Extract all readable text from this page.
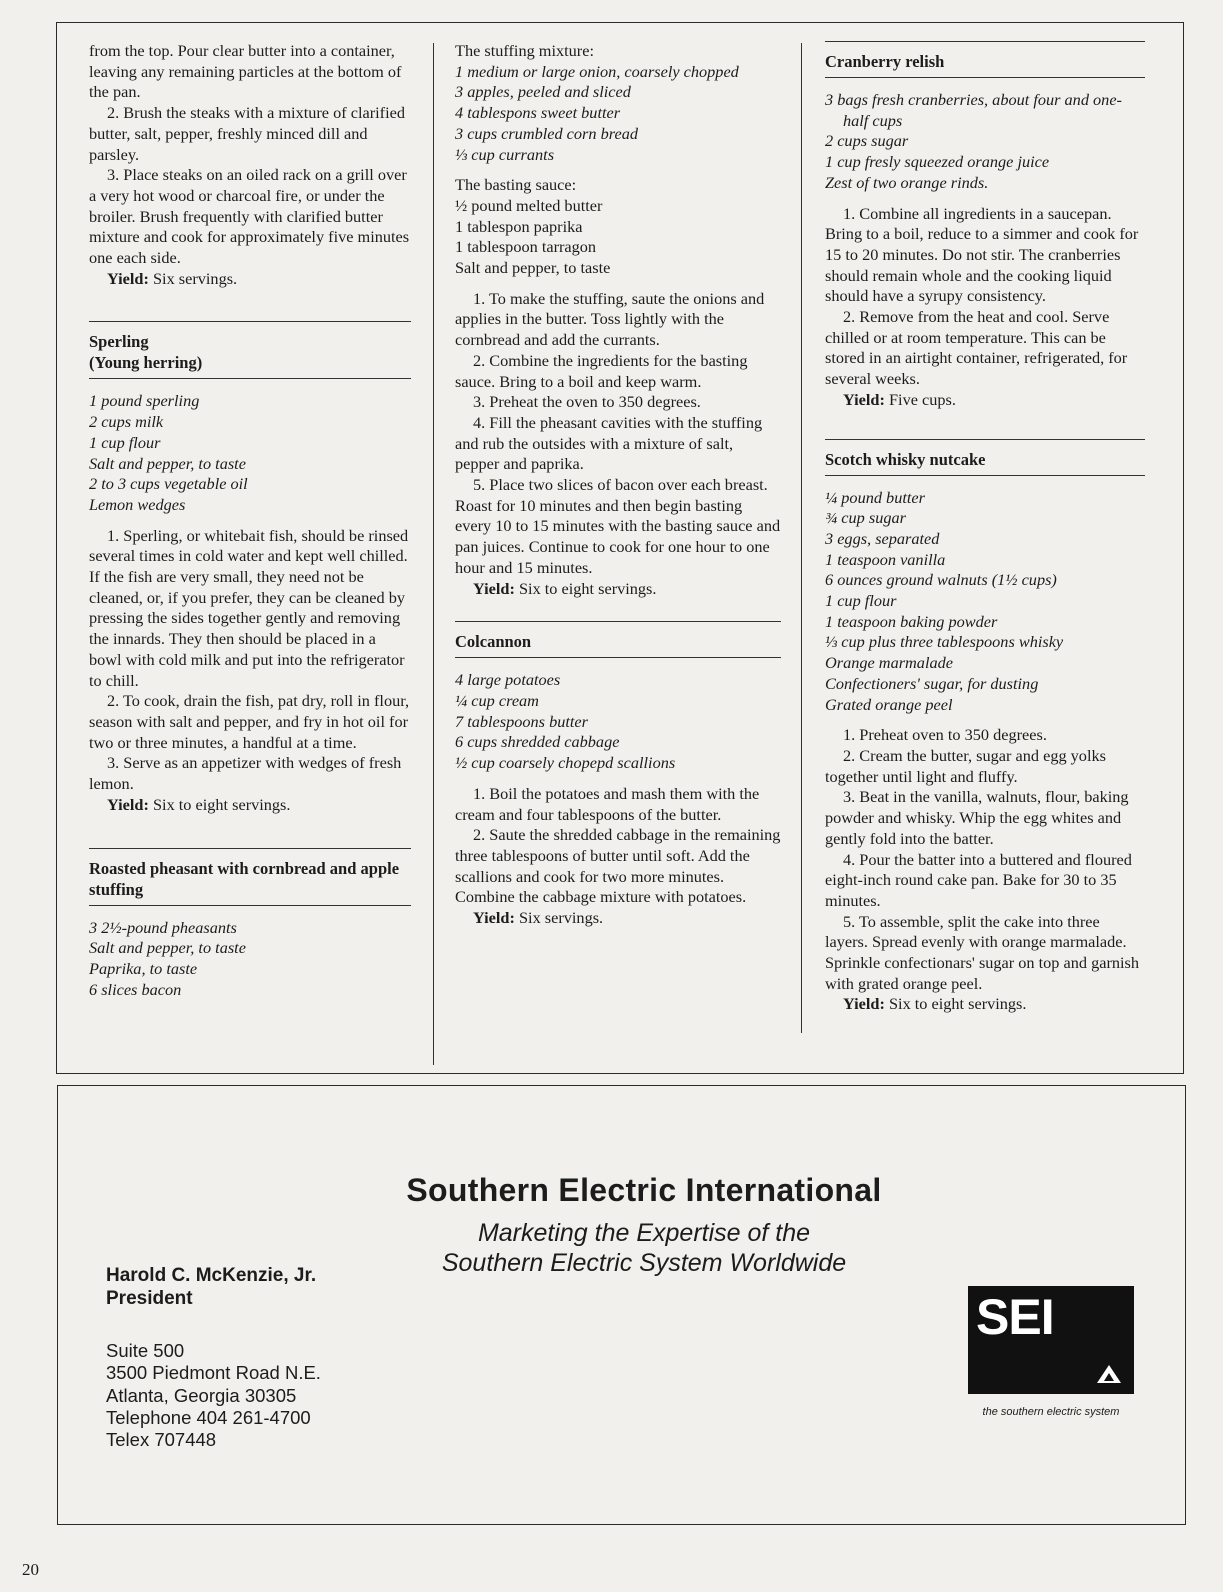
from the top. Pour clear butter into a container, leaving any remaining particles at the bottom of the pan.

2. Brush the steaks with a mixture of clarified butter, salt, pepper, freshly minced dill and parsley.

3. Place steaks on an oiled rack on a grill over a very hot wood or charcoal fire, or under the broiler. Brush frequently with clarified butter mixture and cook for approximately five minutes one each side.

Yield: Six servings.

Sperling
(Young herring)

1 pound sperling

2 cups milk

1 cup flour

Salt and pepper, to taste

2 to 3 cups vegetable oil

Lemon wedges

1. Sperling, or whitebait fish, should be rinsed several times in cold water and kept well chilled. If the fish are very small, they need not be cleaned, or, if you prefer, they can be cleaned by pressing the sides together gently and removing the innards. They then should be placed in a bowl with cold milk and put into the refrigerator to chill.

2. To cook, drain the fish, pat dry, roll in flour, season with salt and pepper, and fry in hot oil for two or three minutes, a handful at a time.

3. Serve as an appetizer with wedges of fresh lemon.

Yield: Six to eight servings.

Roasted pheasant with cornbread and apple stuffing

3 2½-pound pheasants

Salt and pepper, to taste

Paprika, to taste

6 slices bacon

The stuffing mixture:

1 medium or large onion, coarsely chopped

3 apples, peeled and sliced

4 tablespons sweet butter

3 cups crumbled corn bread

⅓ cup currants

The basting sauce:

½ pound melted butter

1 tablespon paprika

1 tablespoon tarragon

Salt and pepper, to taste

1. To make the stuffing, saute the onions and applies in the butter. Toss lightly with the cornbread and add the currants.

2. Combine the ingredients for the basting sauce. Bring to a boil and keep warm.

3. Preheat the oven to 350 degrees.

4. Fill the pheasant cavities with the stuffing and rub the outsides with a mixture of salt, pepper and paprika.

5. Place two slices of bacon over each breast. Roast for 10 minutes and then begin basting every 10 to 15 minutes with the basting sauce and pan juices. Continue to cook for one hour to one hour and 15 minutes.

Yield: Six to eight servings.

Colcannon

4 large potatoes

¼ cup cream

7 tablespoons butter

6 cups shredded cabbage

½ cup coarsely chopepd scallions

1. Boil the potatoes and mash them with the cream and four tablespoons of the butter.

2. Saute the shredded cabbage in the remaining three tablespoons of butter until soft. Add the scallions and cook for two more minutes. Combine the cabbage mixture with potatoes.

Yield: Six servings.

Cranberry relish

3 bags fresh cranberries, about four and one-half cups

2 cups sugar

1 cup fresly squeezed orange juice

Zest of two orange rinds.

1. Combine all ingredients in a saucepan. Bring to a boil, reduce to a simmer and cook for 15 to 20 minutes. Do not stir. The cranberries should remain whole and the cooking liquid should have a syrupy consistency.

2. Remove from the heat and cool. Serve chilled or at room temperature. This can be stored in an airtight container, refrigerated, for several weeks.

Yield: Five cups.

Scotch whisky nutcake

¼ pound butter

¾ cup sugar

3 eggs, separated

1 teaspoon vanilla

6 ounces ground walnuts (1½ cups)

1 cup flour

1 teaspoon baking powder

⅓ cup plus three tablespoons whisky

Orange marmalade

Confectioners' sugar, for dusting

Grated orange peel

1. Preheat oven to 350 degrees.

2. Cream the butter, sugar and egg yolks together until light and fluffy.

3. Beat in the vanilla, walnuts, flour, baking powder and whisky. Whip the egg whites and gently fold into the batter.

4. Pour the batter into a buttered and floured eight-inch round cake pan. Bake for 30 to 35 minutes.

5. To assemble, split the cake into three layers. Spread evenly with orange marmalade. Sprinkle confectionars' sugar on top and garnish with grated orange peel.

Yield: Six to eight servings.

Southern Electric International
Marketing the Expertise of the
Southern Electric System Worldwide
Harold C. McKenzie, Jr.
President
Suite 500
3500 Piedmont Road N.E.
Atlanta, Georgia 30305
Telephone 404 261-4700
Telex 707448
SEI
the southern electric system
20
